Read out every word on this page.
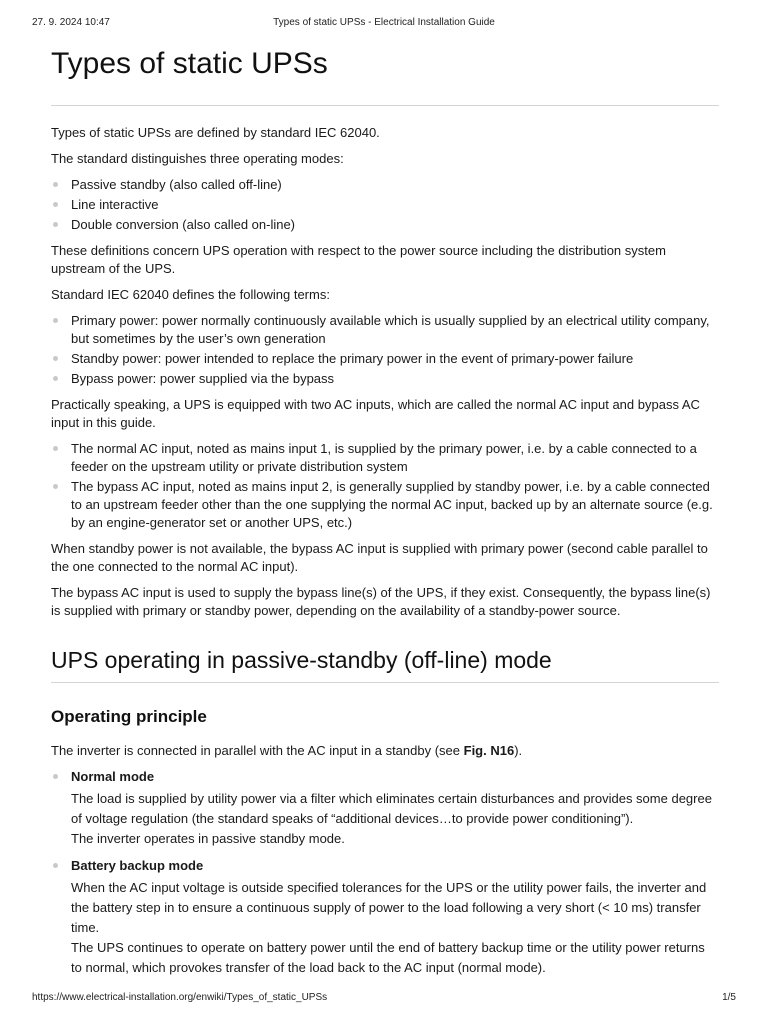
27. 9. 2024 10:47	Types of static UPSs - Electrical Installation Guide
Types of static UPSs

Types of static UPSs are defined by standard IEC 62040.

The standard distinguishes three operating modes:

Passive standby (also called off-line)
Line interactive
Double conversion (also called on-line)

These definitions concern UPS operation with respect to the power source including the distribution system upstream of the UPS.

Standard IEC 62040 defines the following terms:

Primary power: power normally continuously available which is usually supplied by an electrical utility company, but sometimes by the user’s own generation
Standby power: power intended to replace the primary power in the event of primary-power failure
Bypass power: power supplied via the bypass

Practically speaking, a UPS is equipped with two AC inputs, which are called the normal AC input and bypass AC input in this guide.

The normal AC input, noted as mains input 1, is supplied by the primary power, i.e. by a cable connected to a feeder on the upstream utility or private distribution system
The bypass AC input, noted as mains input 2, is generally supplied by standby power, i.e. by a cable connected to an upstream feeder other than the one supplying the normal AC input, backed up by an alternate source (e.g. by an engine-generator set or another UPS, etc.)

When standby power is not available, the bypass AC input is supplied with primary power (second cable parallel to the one connected to the normal AC input).

The bypass AC input is used to supply the bypass line(s) of the UPS, if they exist. Consequently, the bypass line(s) is supplied with primary or standby power, depending on the availability of a standby-power source.

UPS operating in passive-standby (off-line) mode
Operating principle

The inverter is connected in parallel with the AC input in a standby (see Fig. N16).

Normal mode
The load is supplied by utility power via a filter which eliminates certain disturbances and provides some degree of voltage regulation (the standard speaks of “additional devices…to provide power conditioning”).
The inverter operates in passive standby mode.
Battery backup mode
When the AC input voltage is outside specified tolerances for the UPS or the utility power fails, the inverter and the battery step in to ensure a continuous supply of power to the load following a very short (< 10 ms) transfer time.
The UPS continues to operate on battery power until the end of battery backup time or the utility power returns to normal, which provokes transfer of the load back to the AC input (normal mode).
https://www.electrical-installation.org/enwiki/Types_of_static_UPSs	1/5
